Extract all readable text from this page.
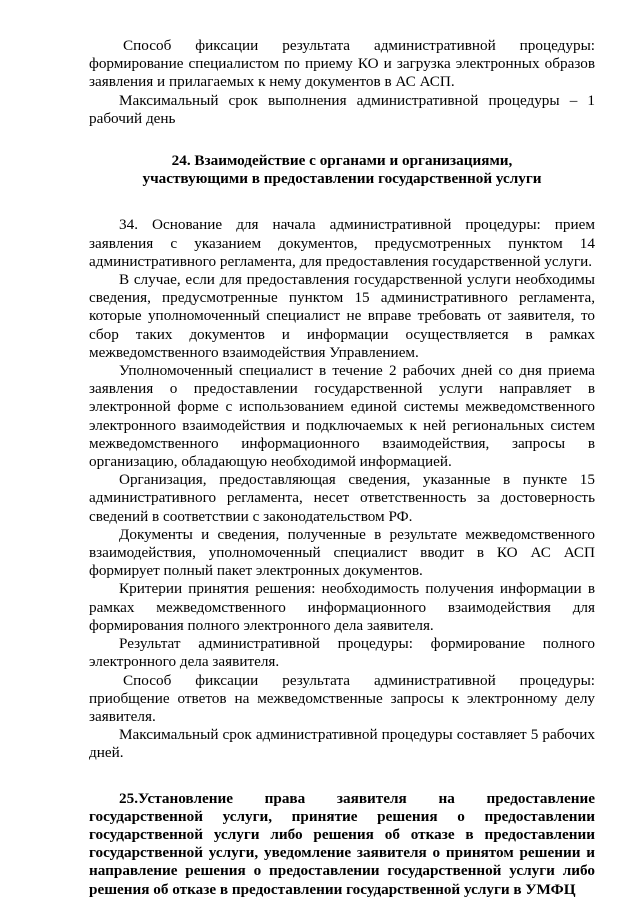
Способ фиксации результата административной процедуры: формирование специалистом по приему КО и загрузка электронных образов заявления и прилагаемых к нему документов в АС АСП.

Максимальный срок выполнения административной процедуры – 1 рабочий день

24. Взаимодействие с органами и организациями,
участвующими в предоставлении государственной услуги

34. Основание для начала административной процедуры: прием заявления с указанием документов, предусмотренных пунктом 14 административного регламента, для предоставления государственной услуги.

В случае, если для предоставления государственной услуги необходимы сведения, предусмотренные пунктом 15 административного регламента, которые уполномоченный специалист не вправе требовать от заявителя, то сбор таких документов и информации осуществляется в рамках межведомственного взаимодействия Управлением.

Уполномоченный специалист в течение 2 рабочих дней со дня приема заявления о предоставлении государственной услуги направляет в электронной форме с использованием единой системы межведомственного электронного взаимодействия и подключаемых к ней региональных систем межведомственного информационного взаимодействия, запросы в организацию, обладающую необходимой информацией.

Организация, предоставляющая сведения, указанные в пункте 15 административного регламента, несет ответственность за достоверность сведений в соответствии с законодательством РФ.

Документы и сведения, полученные в результате межведомственного взаимодействия, уполномоченный специалист вводит в КО АС АСП формирует полный пакет электронных документов.

Критерии принятия решения: необходимость получения информации в рамках межведомственного информационного взаимодействия для формирования полного электронного дела заявителя.

Результат административной процедуры: формирование полного электронного дела заявителя.

Способ фиксации результата административной процедуры: приобщение ответов на межведомственные запросы к электронному делу заявителя.

Максимальный срок административной процедуры составляет 5 рабочих дней.

25.Установление права заявителя на предоставление государственной услуги, принятие решения о предоставлении государственной услуги либо решения об отказе в предоставлении государственной услуги, уведомление заявителя о принятом решении и направление решения о предоставлении государственной услуги либо решения об отказе в предоставлении государственной услуги в УМФЦ
